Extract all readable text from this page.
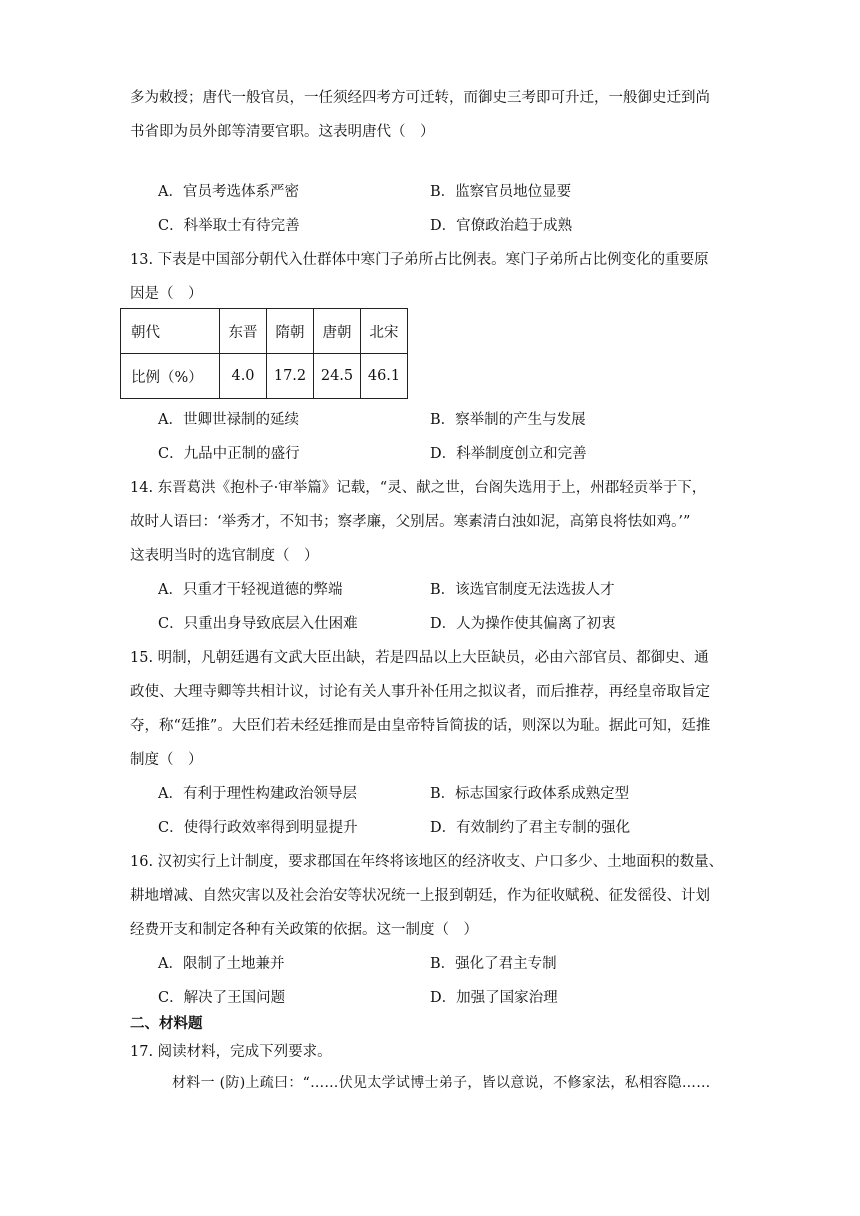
多为敕授；唐代一般官员，一任须经四考方可迁转，而御史三考即可升迁，一般御史迁到尚
书省即为员外郎等清要官职。这表明唐代（　）
A．官员考选体系严密	B．监察官员地位显要
C．科举取士有待完善	D．官僚政治趋于成熟
13. 下表是中国部分朝代入仕群体中寒门子弟所占比例表。寒门子弟所占比例变化的重要原
因是（　）
朝代	东晋	隋朝	唐朝	北宋
比例（%）	4.0	17.2	24.5	46.1
A．世卿世禄制的延续	B．察举制的产生与发展
C．九品中正制的盛行	D．科举制度创立和完善
14. 东晋葛洪《抱朴子·审举篇》记载，“灵、献之世，台阁失选用于上，州郡轻贡举于下，
故时人语曰：‘举秀才，不知书；察孝廉，父别居。寒素清白浊如泥，高第良将怯如鸡。’”
这表明当时的选官制度（　）
A．只重才干轻视道德的弊端	B．该选官制度无法选拔人才
C．只重出身导致底层入仕困难	D．人为操作使其偏离了初衷
15. 明制，凡朝廷遇有文武大臣出缺，若是四品以上大臣缺员，必由六部官员、都御史、通
政使、大理寺卿等共相计议，讨论有关人事升补任用之拟议者，而后推荐，再经皇帝取旨定
夺，称“廷推”。大臣们若未经廷推而是由皇帝特旨简拔的话，则深以为耻。据此可知，廷推
制度（　）
A．有利于理性构建政治领导层	B．标志国家行政体系成熟定型
C．使得行政效率得到明显提升	D．有效制约了君主专制的强化
16. 汉初实行上计制度，要求郡国在年终将该地区的经济收支、户口多少、土地面积的数量、
耕地增减、自然灾害以及社会治安等状况统一上报到朝廷，作为征收赋税、征发徭役、计划
经费开支和制定各种有关政策的依据。这一制度（　）
A．限制了土地兼并	B．强化了君主专制
C．解决了王国问题	D．加强了国家治理
二、材料题
17. 阅读材料，完成下列要求。
材料一 (防)上疏曰：“……伏见太学试博士弟子，皆以意说，不修家法，私相容隐……
